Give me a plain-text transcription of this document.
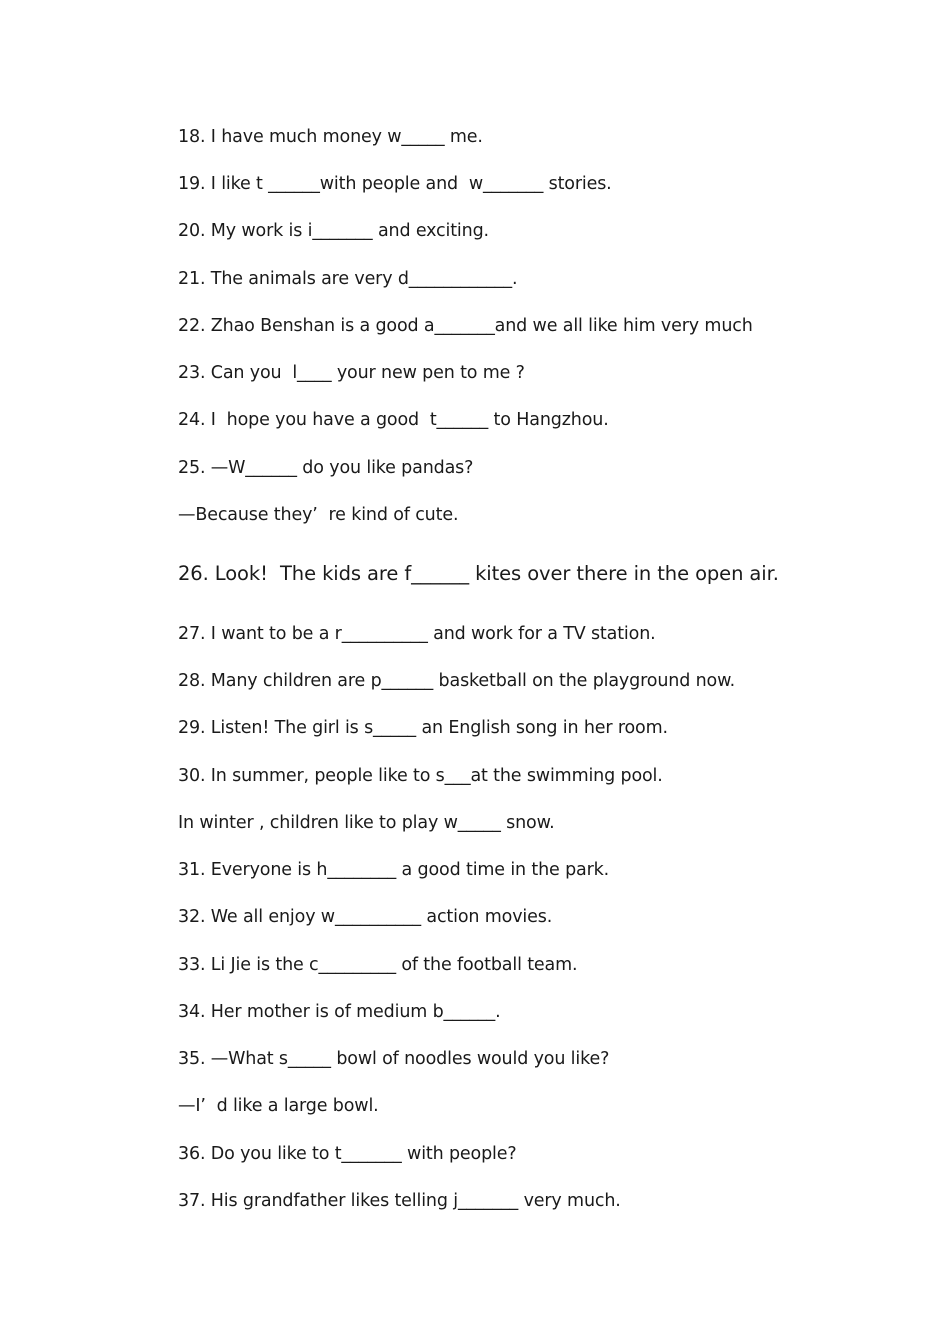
18. I have much money w_____ me.
19. I like t ______with people and  w_______ stories.
20. My work is i_______ and exciting.
21. The animals are very d____________.
22. Zhao Benshan is a good a_______and we all like him very much
23. Can you  l____ your new pen to me ?
24. I  hope you have a good  t______ to Hangzhou.
25. —W______ do you like pandas?
—Because they’  re kind of cute.
26. Look!  The kids are f______ kites over there in the open air.
27. I want to be a r__________ and work for a TV station.
28. Many children are p______ basketball on the playground now.
29. Listen! The girl is s_____ an English song in her room.
30. In summer, people like to s___at the swimming pool.
In winter , children like to play w_____ snow.
31. Everyone is h________ a good time in the park.
32. We all enjoy w__________ action movies.
33. Li Jie is the c_________ of the football team.
34. Her mother is of medium b______.
35. —What s_____ bowl of noodles would you like?
—I’  d like a large bowl.
36. Do you like to t_______ with people?
37. His grandfather likes telling j_______ very much.
